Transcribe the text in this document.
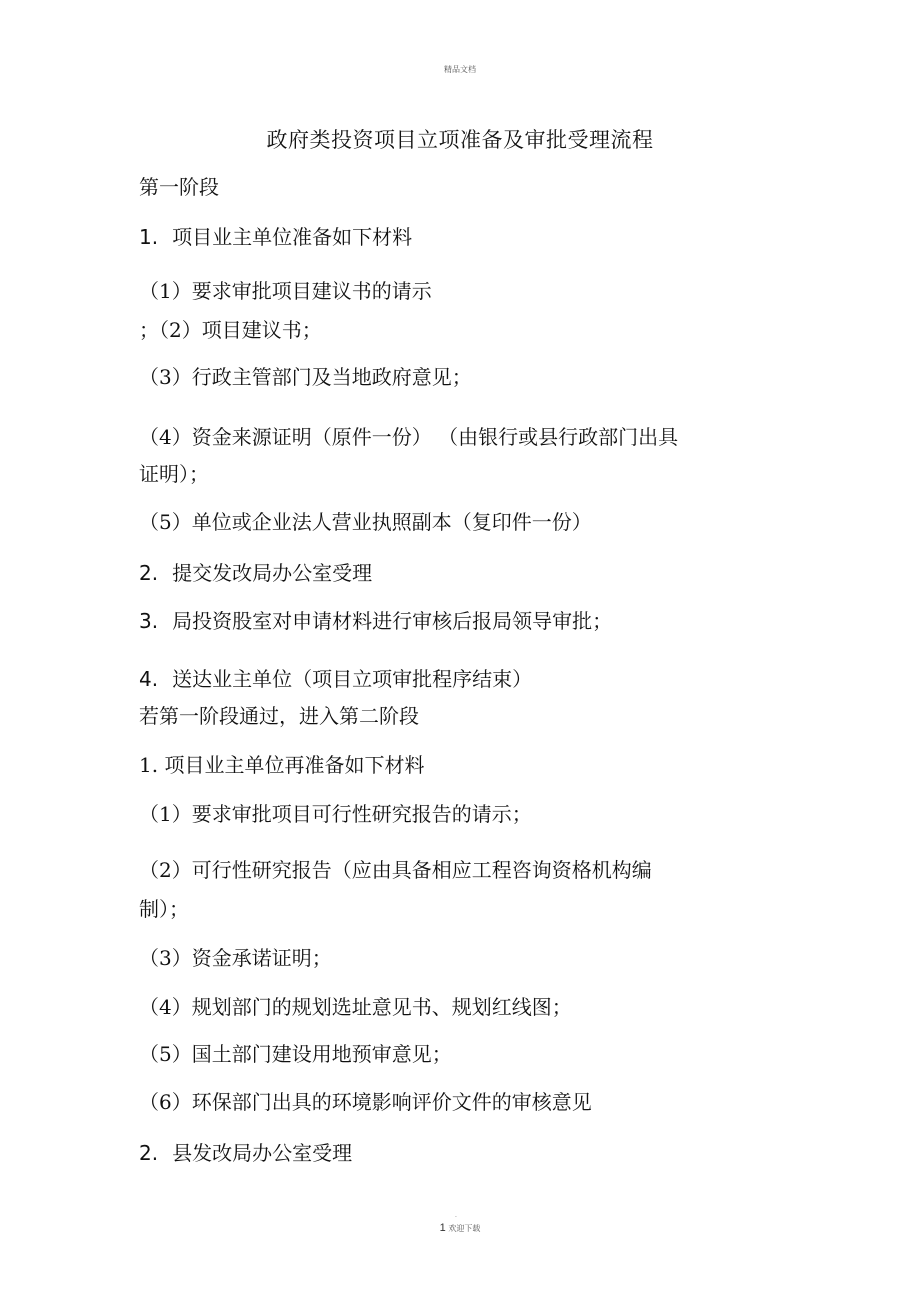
精品文档
政府类投资项目立项准备及审批受理流程
第一阶段
1. 项目业主单位准备如下材料
（1）要求审批项目建议书的请示
；（2）项目建议书；
（3）行政主管部门及当地政府意见；
（4）资金来源证明（原件一份） （由银行或县行政部门出具
证明）；
（5）单位或企业法人营业执照副本（复印件一份）
2. 提交发改局办公室受理
3. 局投资股室对申请材料进行审核后报局领导审批；
4. 送达业主单位（项目立项审批程序结束）
若第一阶段通过，进入第二阶段
1. 项目业主单位再准备如下材料
（1）要求审批项目可行性研究报告的请示；
（2）可行性研究报告（应由具备相应工程咨询资格机构编
制）；
（3）资金承诺证明；
（4）规划部门的规划选址意见书、规划红线图；
（5）国土部门建设用地预审意见；
（6）环保部门出具的环境影响评价文件的审核意见
2. 县发改局办公室受理
.
1 欢迎下载
